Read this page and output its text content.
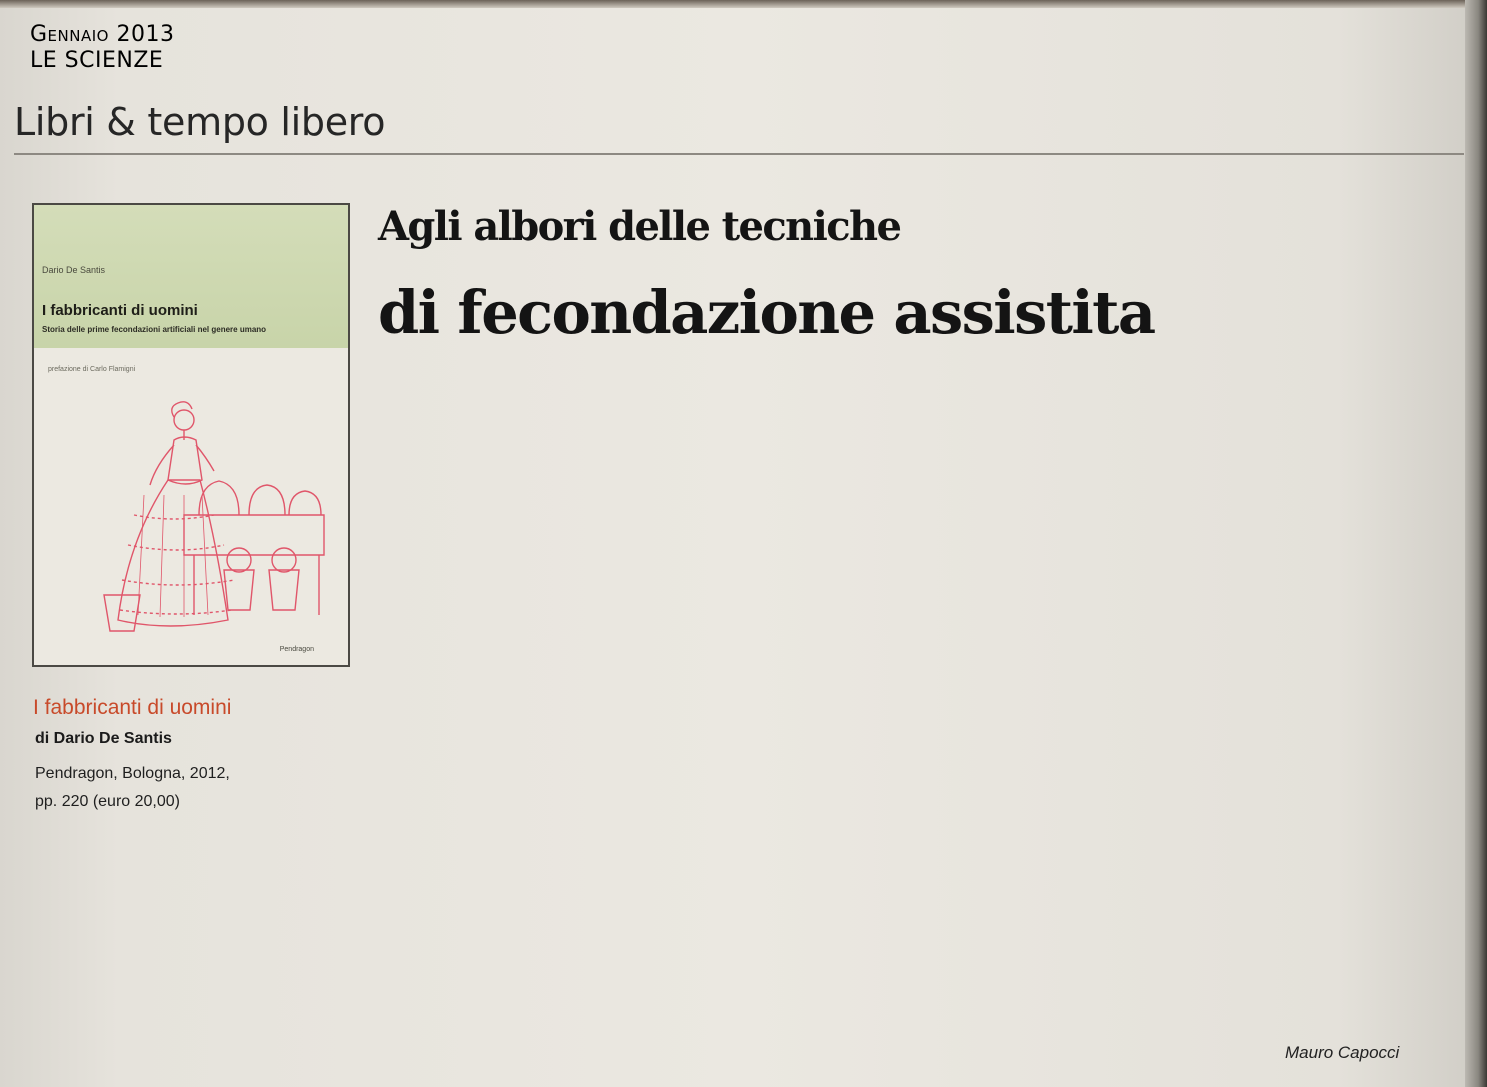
Gennaio 2013
LE SCIENZE
Libri & tempo libero
Agli albori delle tecniche
di fecondazione assistita
Dario De Santis
I fabbricanti di uomini
Storia delle prime fecondazioni artificiali nel genere umano
prefazione di Carlo Flamigni
Pendragon
I fabbricanti di uomini
di Dario De Santis
Pendragon, Bologna, 2012,
pp. 220 (euro 20,00)
Mauro Capocci
